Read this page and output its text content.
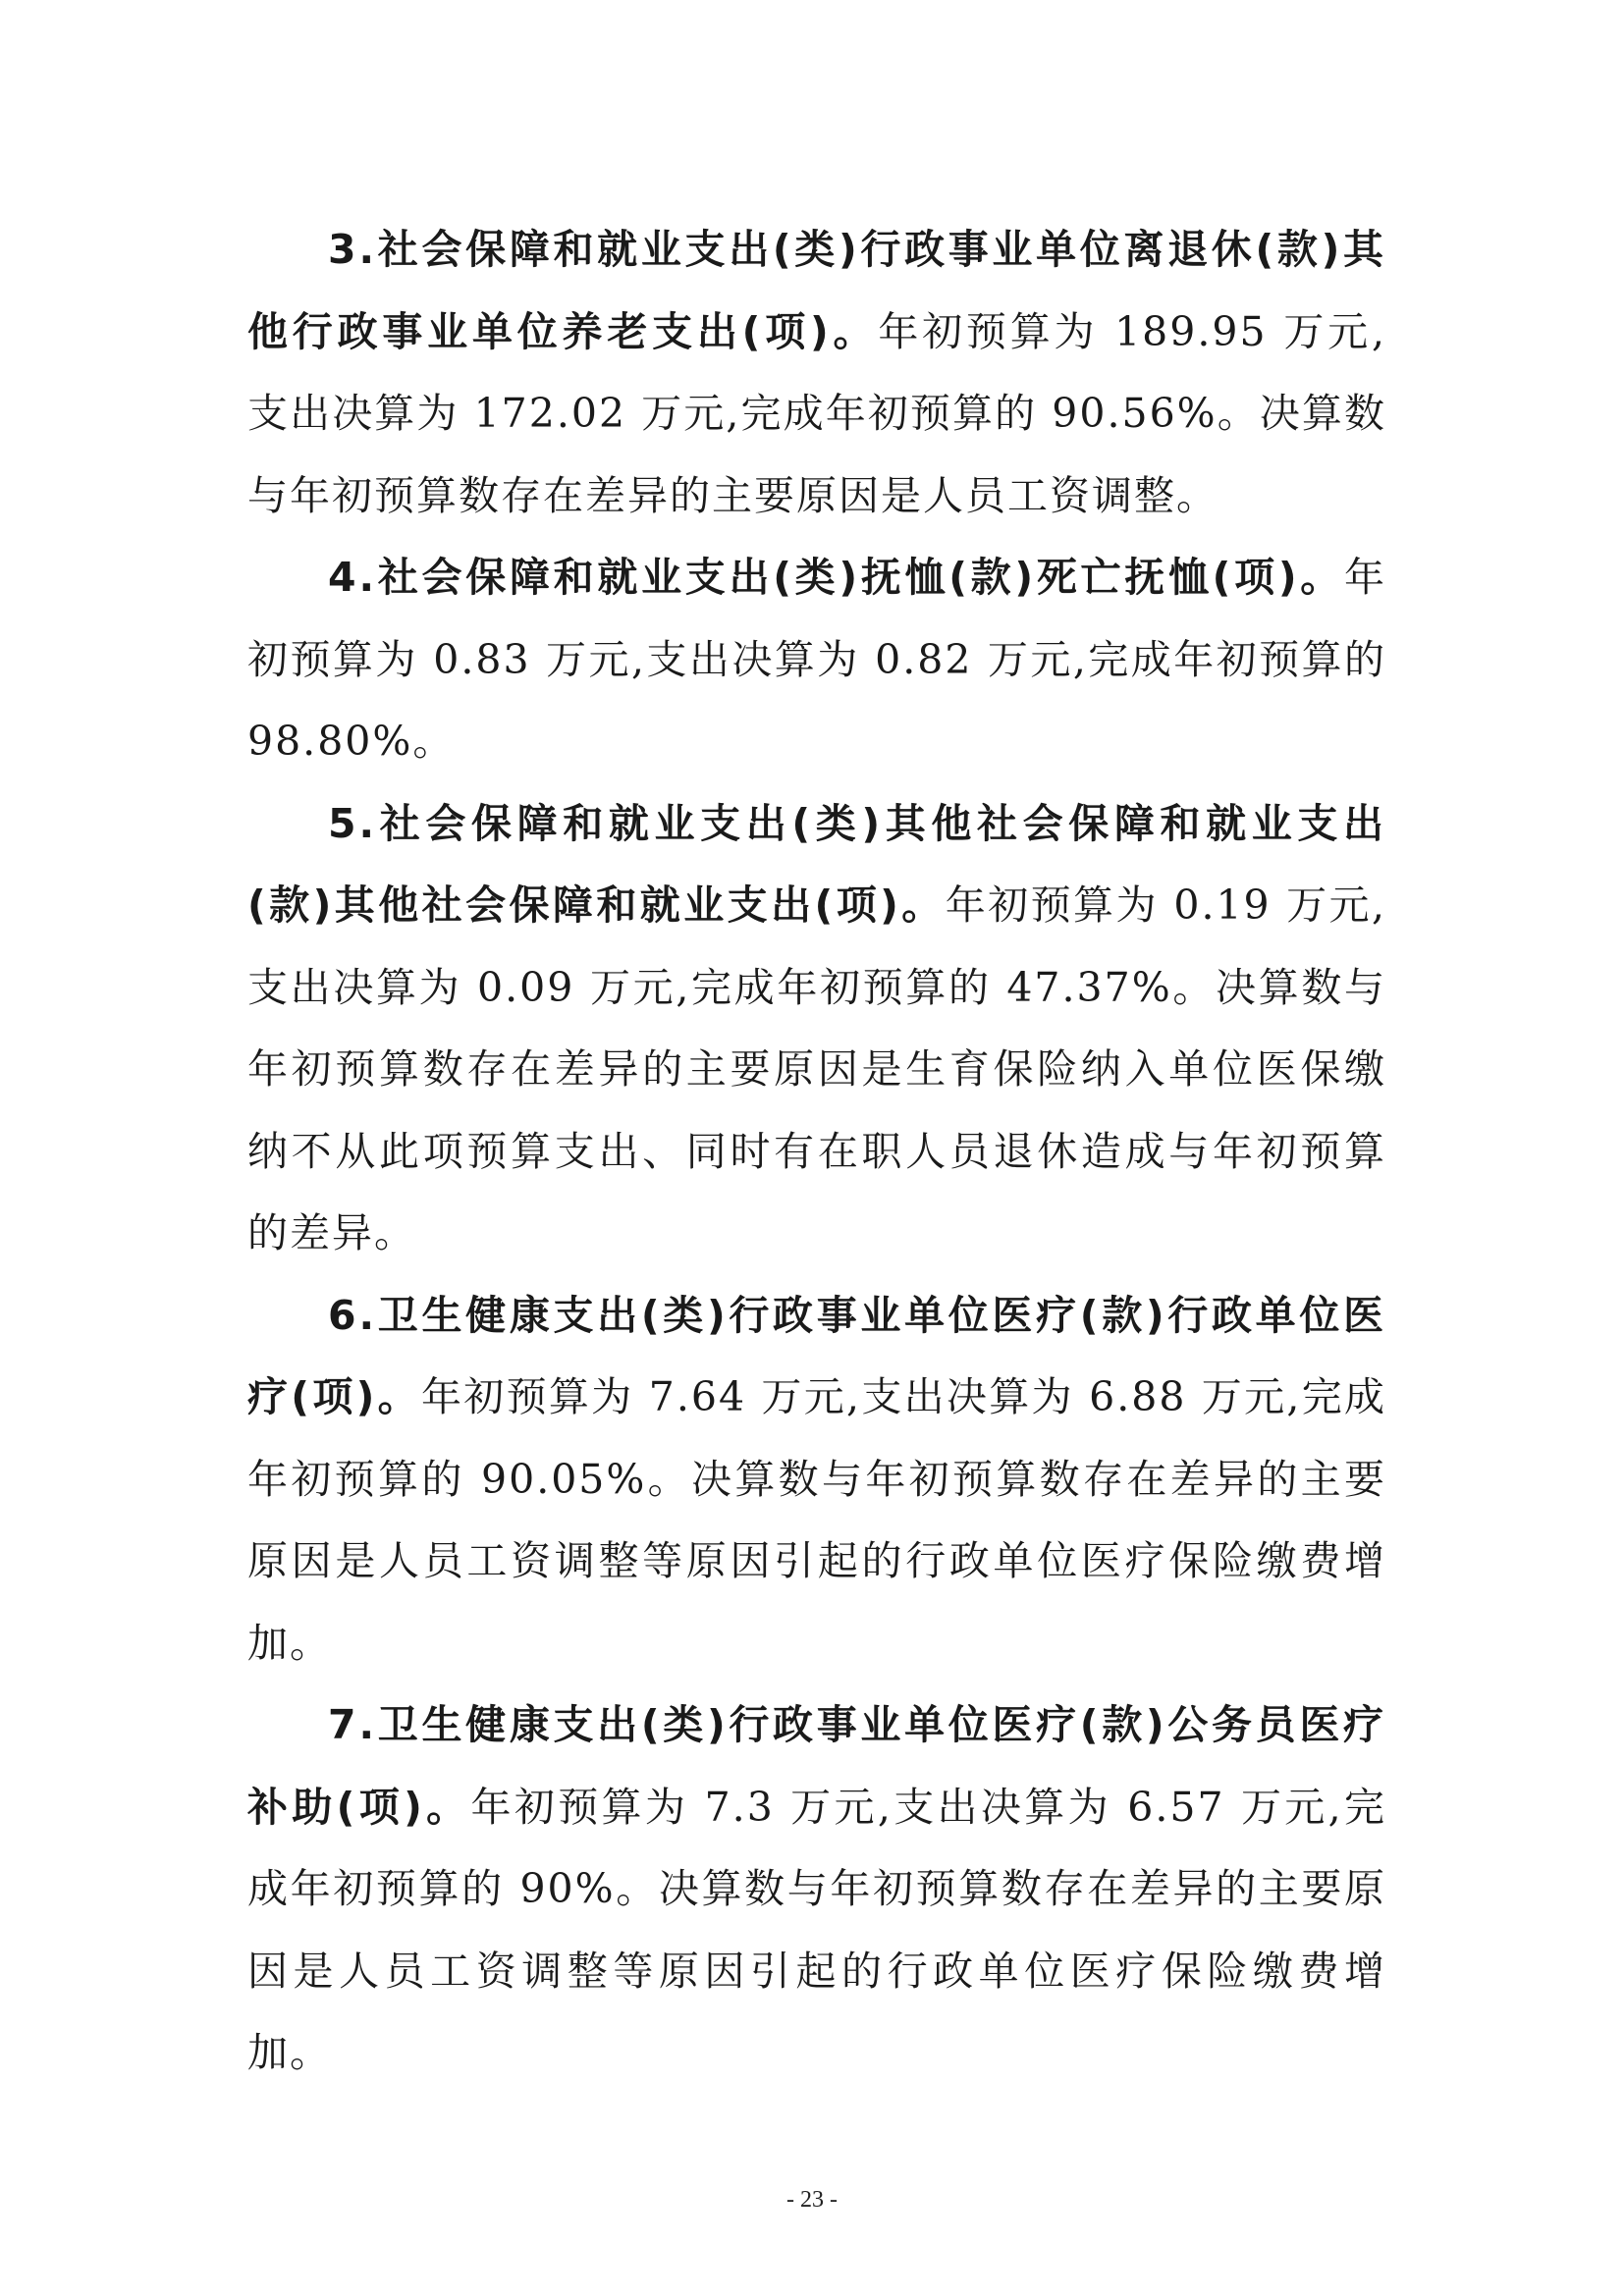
3.社会保障和就业支出(类)行政事业单位离退休(款)其他行政事业单位养老支出(项)。年初预算为 189.95 万元,支出决算为 172.02 万元,完成年初预算的 90.56%。决算数与年初预算数存在差异的主要原因是人员工资调整。

4.社会保障和就业支出(类)抚恤(款)死亡抚恤(项)。年初预算为 0.83 万元,支出决算为 0.82 万元,完成年初预算的 98.80%。

5.社会保障和就业支出(类)其他社会保障和就业支出(款)其他社会保障和就业支出(项)。年初预算为 0.19 万元,支出决算为 0.09 万元,完成年初预算的 47.37%。决算数与年初预算数存在差异的主要原因是生育保险纳入单位医保缴纳不从此项预算支出、同时有在职人员退休造成与年初预算的差异。

6.卫生健康支出(类)行政事业单位医疗(款)行政单位医疗(项)。年初预算为 7.64 万元,支出决算为 6.88 万元,完成年初预算的 90.05%。决算数与年初预算数存在差异的主要原因是人员工资调整等原因引起的行政单位医疗保险缴费增加。

7.卫生健康支出(类)行政事业单位医疗(款)公务员医疗补助(项)。年初预算为 7.3 万元,支出决算为 6.57 万元,完成年初预算的 90%。决算数与年初预算数存在差异的主要原因是人员工资调整等原因引起的行政单位医疗保险缴费增加。

- 23 -
